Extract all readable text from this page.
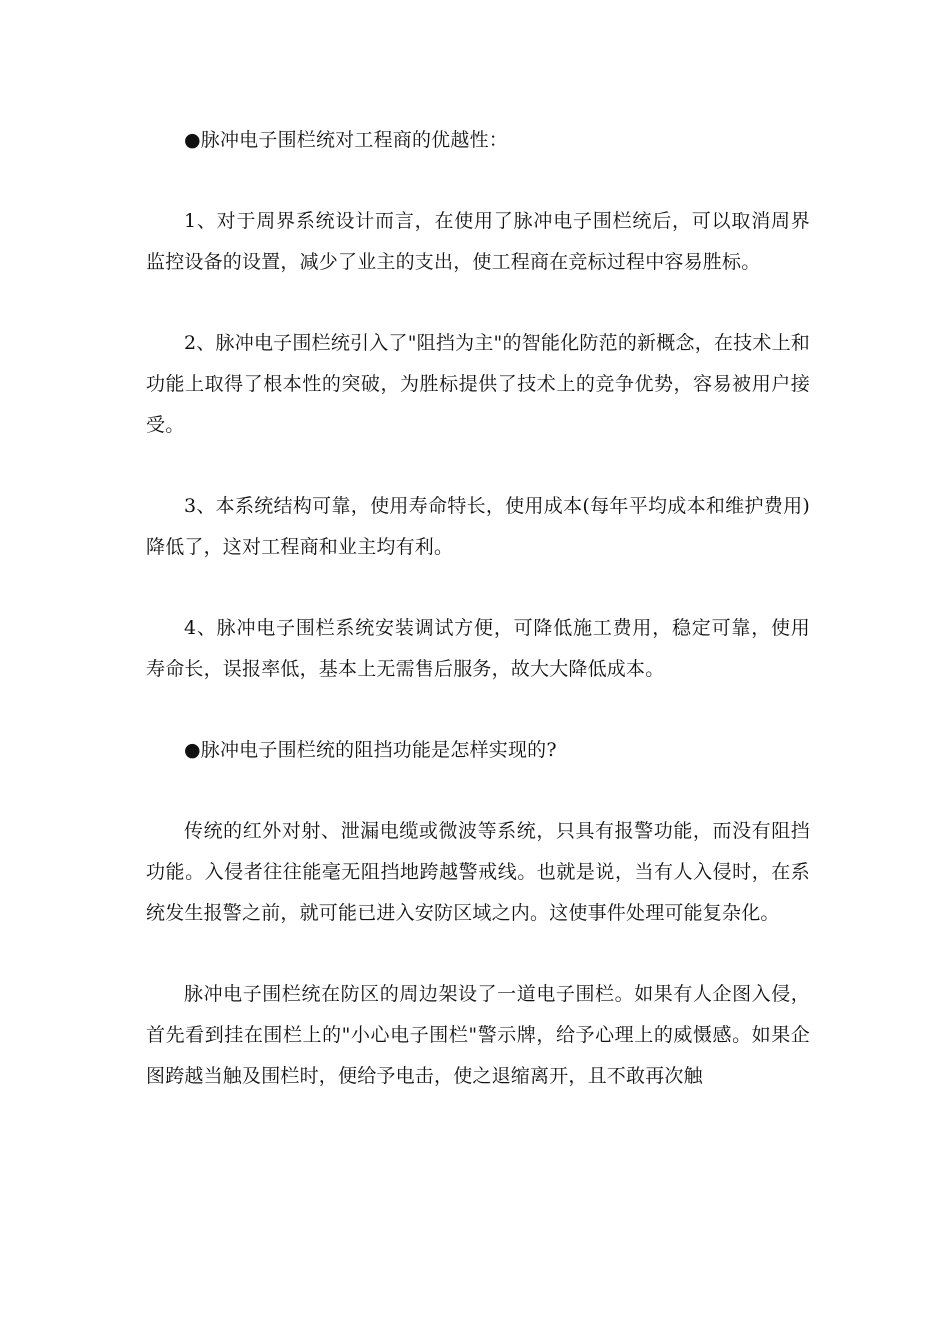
●脉冲电子围栏统对工程商的优越性：

1、对于周界系统设计而言，在使用了脉冲电子围栏统后，可以取消周界监控设备的设置，减少了业主的支出，使工程商在竞标过程中容易胜标。

2、脉冲电子围栏统引入了"阻挡为主"的智能化防范的新概念，在技术上和功能上取得了根本性的突破，为胜标提供了技术上的竞争优势，容易被用户接受。

3、本系统结构可靠，使用寿命特长，使用成本(每年平均成本和维护费用)降低了，这对工程商和业主均有利。

4、脉冲电子围栏系统安装调试方便，可降低施工费用，稳定可靠，使用寿命长，误报率低，基本上无需售后服务，故大大降低成本。

●脉冲电子围栏统的阻挡功能是怎样实现的?

传统的红外对射、泄漏电缆或微波等系统，只具有报警功能，而没有阻挡功能。入侵者往往能毫无阻挡地跨越警戒线。也就是说，当有人入侵时，在系统发生报警之前，就可能已进入安防区域之内。这使事件处理可能复杂化。

脉冲电子围栏统在防区的周边架设了一道电子围栏。如果有人企图入侵，首先看到挂在围栏上的"小心电子围栏"警示牌，给予心理上的威慑感。如果企图跨越当触及围栏时，便给予电击，使之退缩离开，且不敢再次触
